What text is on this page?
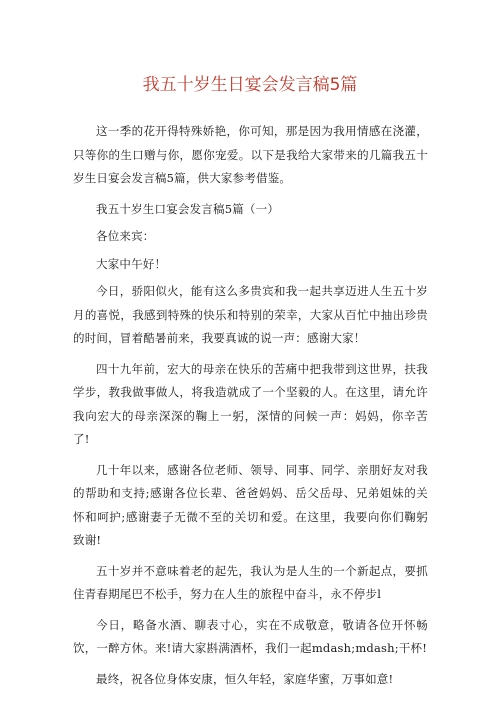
我五十岁生日宴会发言稿5篇

这一季的花开得特殊娇艳，你可知，那是因为我用情感在浇灌，只等你的生口赠与你，愿你宠爱。以下是我给大家带来的几篇我五十岁生日宴会发言稿5篇，供大家参考借鉴。

我五十岁生口宴会发言稿5篇（一）

各位来宾：

大家中午好！

今日，骄阳似火，能有这么多贵宾和我一起共享迈进人生五十岁月的喜悦，我感到特殊的快乐和特别的荣幸，大家从百忙中抽出珍贵的时间，冒着酷暑前来，我要真诚的说一声：感谢大家！

四十九年前，宏大的母亲在快乐的苦痛中把我带到这世界，扶我学步，教我做事做人，将我造就成了一个坚毅的人。在这里，请允许我向宏大的母亲深深的鞠上一躬，深情的问候一声：妈妈，你辛苦了!

几十年以来，感谢各位老师、领导、同事、同学、亲朋好友对我的帮助和支持;感谢各位长辈、爸爸妈妈、岳父岳母、兄弟姐妹的关怀和呵护;感谢妻子无微不至的关切和爱。在这里，我要向你们鞠躬致谢!

五十岁并不意味着老的起先，我认为是人生的一个新起点，要抓住青春期尾巴不松手，努力在人生的旅程中奋斗，永不停步l

今日，略备水酒、聊表寸心，实在不成敬意，敬请各位开怀畅饮，一醉方休。来!请大家斟满酒杯，我们一起mdash;mdash;干杯!

最终，祝各位身体安康，恒久年轻，家庭华蜜，万事如意!
